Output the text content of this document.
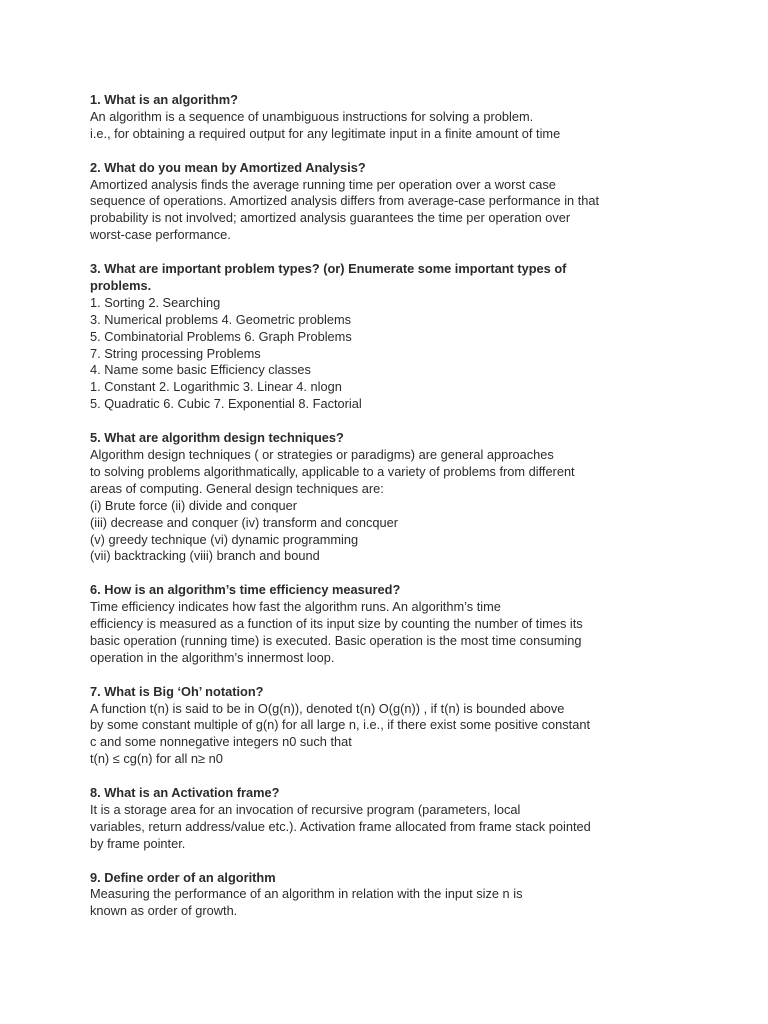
1. What is an algorithm?
An algorithm is a sequence of unambiguous instructions for solving a problem.
i.e., for obtaining a required output for any legitimate input in a finite amount of time
2. What do you mean by Amortized Analysis?
Amortized analysis finds the average running time per operation over a worst case
sequence of operations. Amortized analysis differs from average-case performance in that
probability is not involved; amortized analysis guarantees the time per operation over
worst-case performance.
3. What are important problem types? (or) Enumerate some important types of
problems.
1. Sorting 2. Searching
3. Numerical problems 4. Geometric problems
5. Combinatorial Problems 6. Graph Problems
7. String processing Problems
4. Name some basic Efficiency classes
1. Constant 2. Logarithmic 3. Linear 4. nlogn
5. Quadratic 6. Cubic 7. Exponential 8. Factorial
5. What are algorithm design techniques?
Algorithm design techniques ( or strategies or paradigms) are general approaches
to solving problems algorithmatically, applicable to a variety of problems from different
areas of computing. General design techniques are:
(i) Brute force (ii) divide and conquer
(iii) decrease and conquer (iv) transform and concquer
(v) greedy technique (vi) dynamic programming
(vii) backtracking (viii) branch and bound
6. How is an algorithm’s time efficiency measured?
Time efficiency indicates how fast the algorithm runs. An algorithm’s time
efficiency is measured as a function of its input size by counting the number of times its
basic operation (running time) is executed. Basic operation is the most time consuming
operation in the algorithm’s innermost loop.
7. What is Big ‘Oh’ notation?
A function t(n) is said to be in O(g(n)), denoted t(n) O(g(n)) , if t(n) is bounded above
by some constant multiple of g(n) for all large n, i.e., if there exist some positive constant
c and some nonnegative integers n0 such that
t(n) ≤ cg(n) for all n≥ n0
8. What is an Activation frame?
It is a storage area for an invocation of recursive program (parameters, local
variables, return address/value etc.). Activation frame allocated from frame stack pointed
by frame pointer.
9. Define order of an algorithm
Measuring the performance of an algorithm in relation with the input size n is
known as order of growth.
